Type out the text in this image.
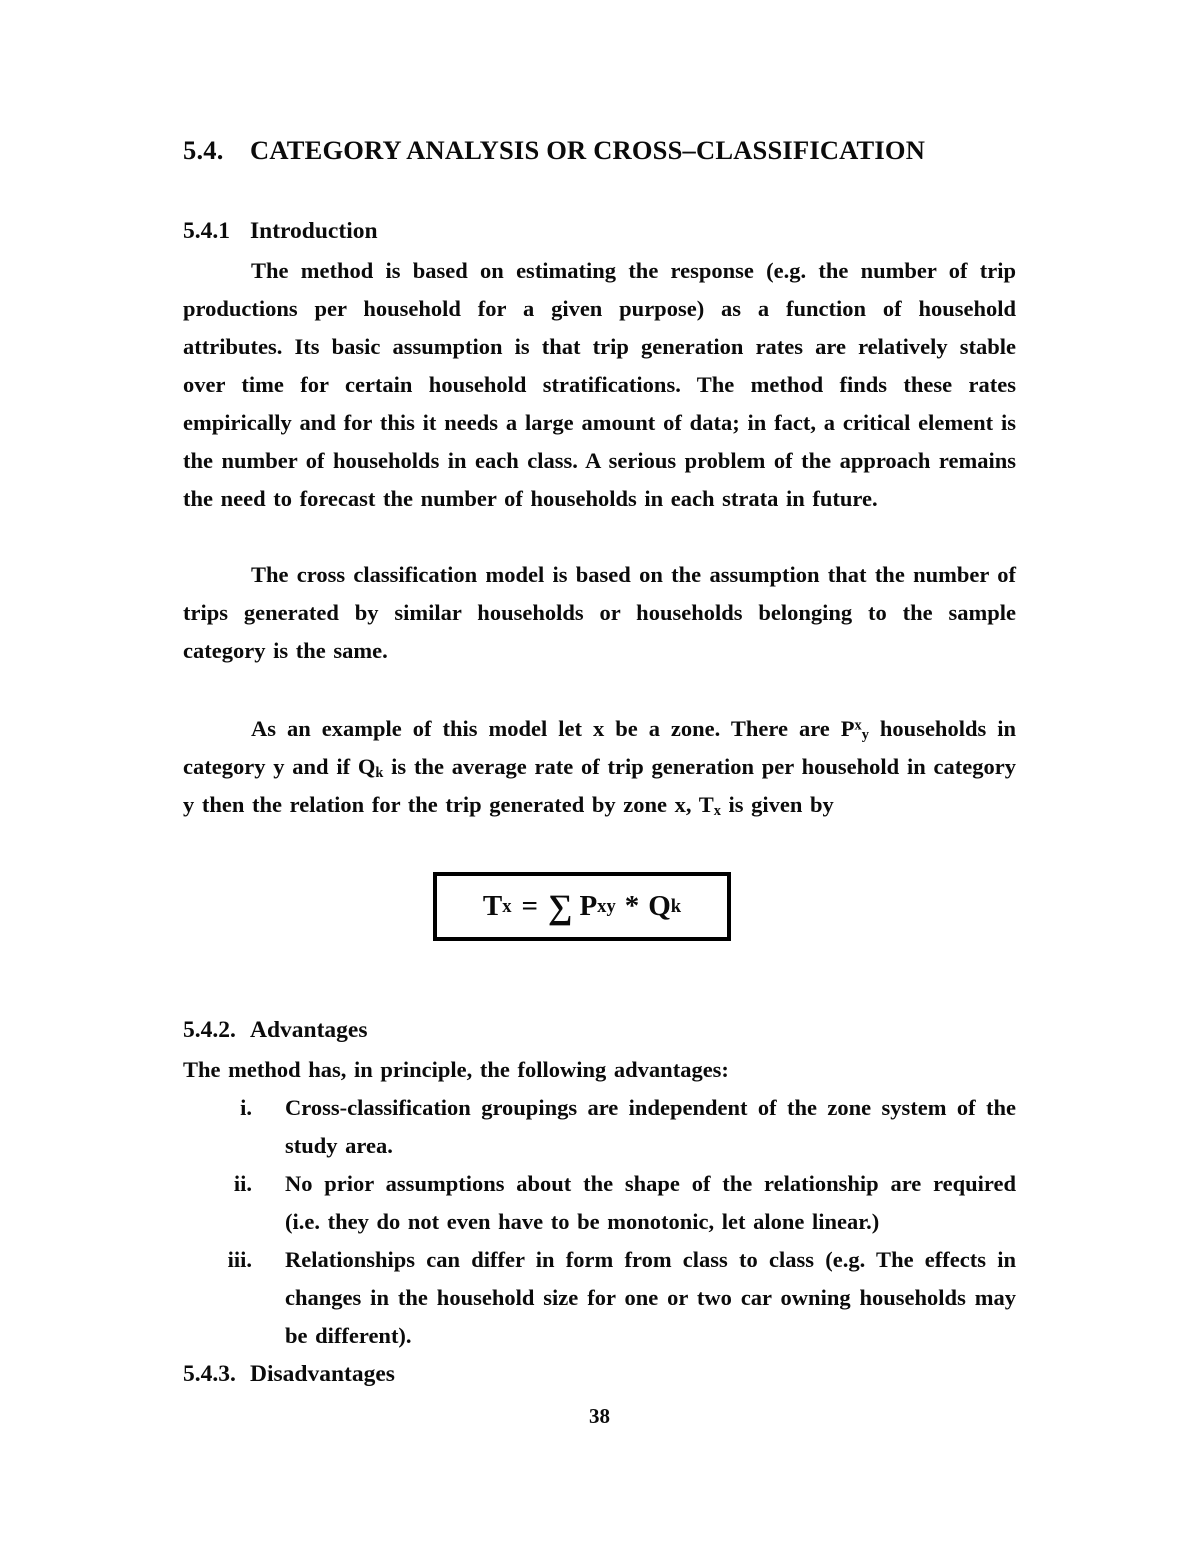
5.4. CATEGORY ANALYSIS OR CROSS–CLASSIFICATION
5.4.1 Introduction

The method is based on estimating the response (e.g. the number of trip productions per household for a given purpose) as a function of household attributes. Its basic assumption is that trip generation rates are relatively stable over time for certain household stratifications. The method finds these rates empirically and for this it needs a large amount of data; in fact, a critical element is the number of households in each class. A serious problem of the approach remains the need to forecast the number of households in each strata in future.

The cross classification model is based on the assumption that the number of trips generated by similar households or households belonging to the sample category is the same.

As an example of this model let x be a zone. There are $P^x_y$ households in category y and if $Q_k$ is the average rate of trip generation per household in category y then the relation for the trip generated by zone x, $T_x$ is given by

T x = ∑ P x y * Q k
5.4.2. Advantages

The method has, in principle, the following advantages:

i. Cross-classification groupings are independent of the zone system of the study area.
ii. No prior assumptions about the shape of the relationship are required (i.e. they do not even have to be monotonic, let alone linear.)
iii. Relationships can differ in form from class to class (e.g. The effects in changes in the household size for one or two car owning households may be different).
5.4.3. Disadvantages
38
